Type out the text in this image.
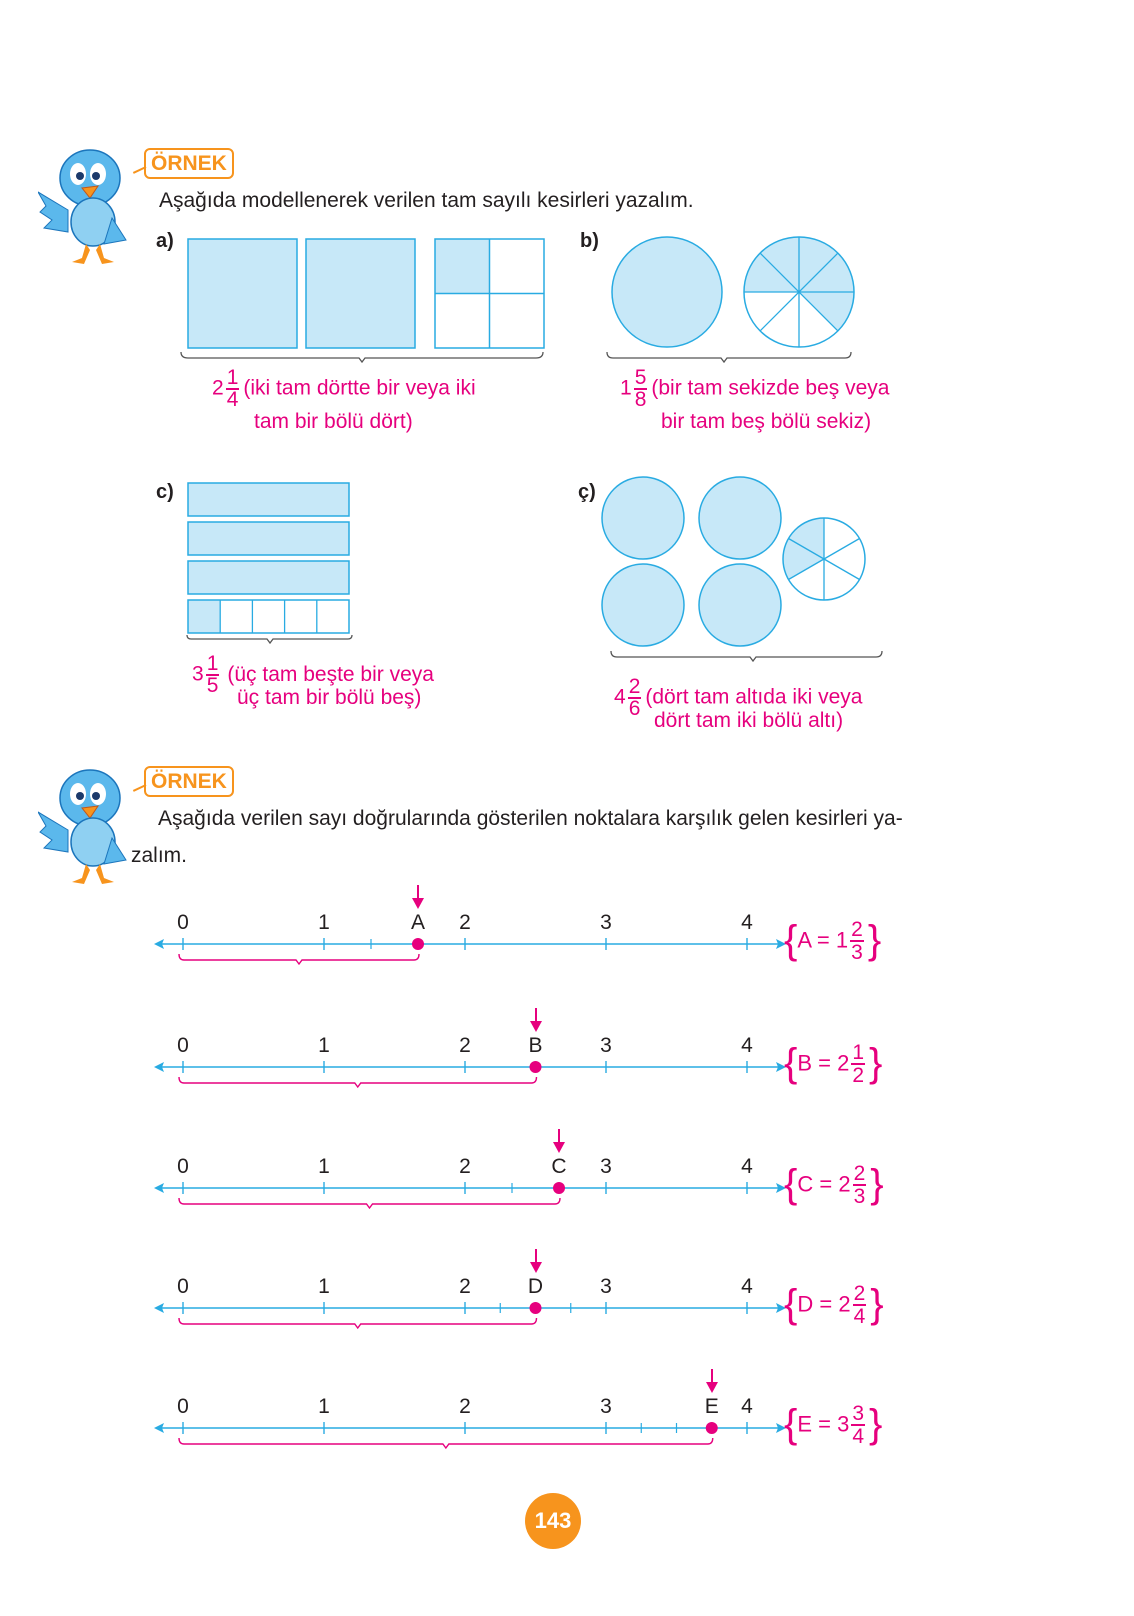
ÖRNEK
Aşağıda modellenerek verilen tam sayılı kesirleri yazalım.
a)
$2 \frac{1}{4} (iki$ tam dörtte bir veya iki
tam bir bölü dört)
b)
$1 \frac{5}{8} (bir$ tam sekizde beş veya
bir tam beş bölü sekiz)
c)
$3 \frac{1}{5}$ (üç tam beşte bir veya
üç tam bir bölü beş)
ç)
$4 \frac{2}{6}$ (dört tam altıda iki veya
dört tam iki bölü altı)
ÖRNEK
Aşağıda verilen sayı doğrularında gösterilen noktalara karşılık gelen kesirleri ya-
zalım.
0	1	2	3	4
A	{$A = 1 \frac{2}{3}$ }
0	1	2	3	4
B	{$B = 2 \frac{1}{2}$ }
0	1	2	3	4
C	{$C = 2 \frac{2}{3}$ }
0	1	2	3	4
D	{$D = 2 \frac{2}{4}$ }
0	1	2	3	4
E {$E = 3 \frac{3}{4}$ }
143
